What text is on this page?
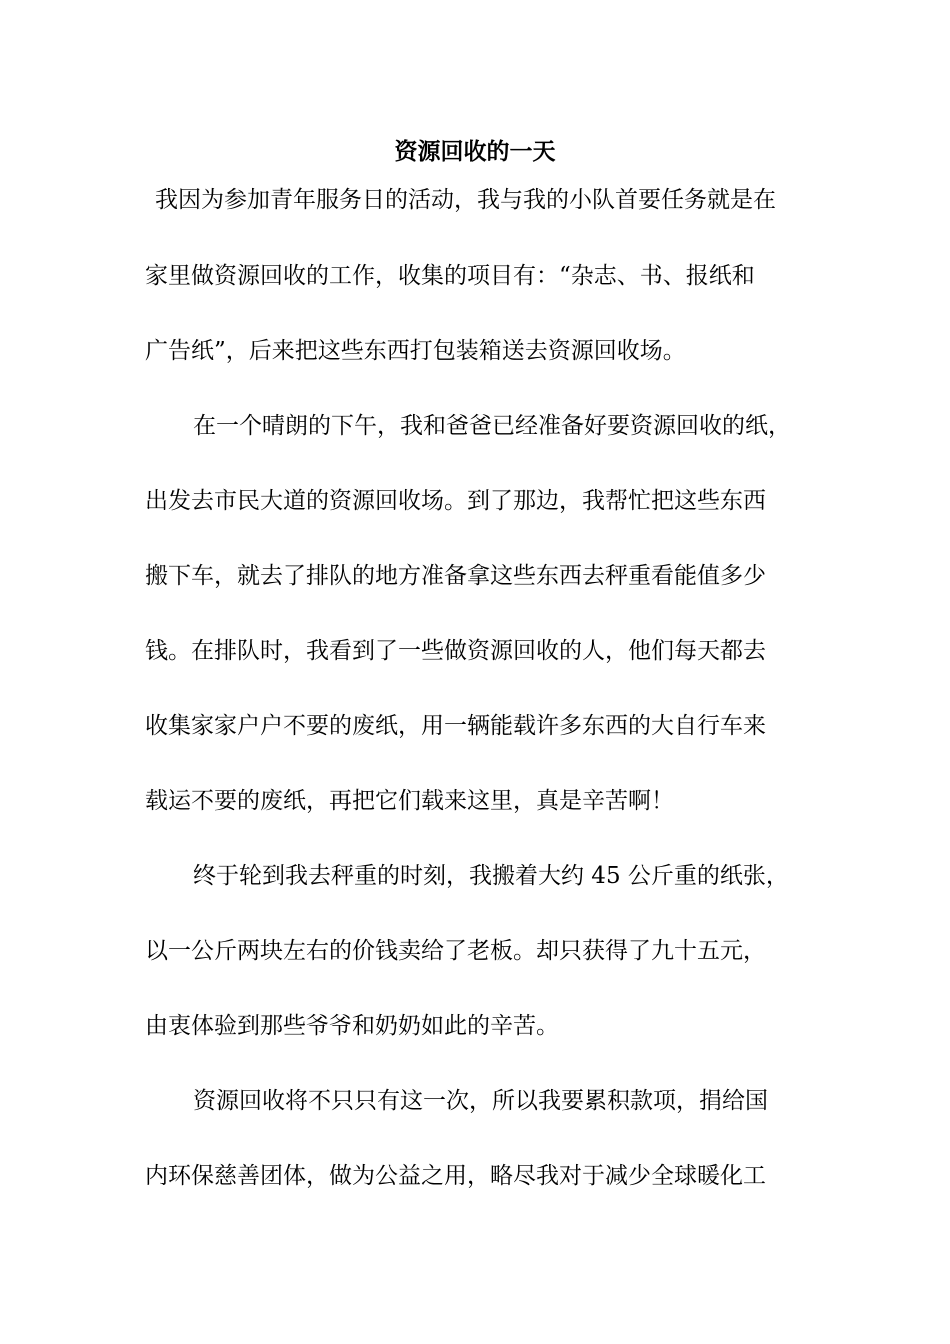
资源回收的一天

我因为参加青年服务日的活动，我与我的小队首要任务就是在

家里做资源回收的工作，收集的项目有：“杂志、书、报纸和

广告纸”，后来把这些东西打包装箱送去资源回收场。

在一个晴朗的下午，我和爸爸已经准备好要资源回收的纸，

出发去市民大道的资源回收场。到了那边，我帮忙把这些东西

搬下车，就去了排队的地方准备拿这些东西去秤重看能值多少

钱。在排队时，我看到了一些做资源回收的人，他们每天都去

收集家家户户不要的废纸，用一辆能载许多东西的大自行车来

载运不要的废纸，再把它们载来这里，真是辛苦啊！

终于轮到我去秤重的时刻，我搬着大约 45 公斤重的纸张，

以一公斤两块左右的价钱卖给了老板。却只获得了九十五元，

由衷体验到那些爷爷和奶奶如此的辛苦。

资源回收将不只只有这一次，所以我要累积款项，捐给国

内环保慈善团体，做为公益之用，略尽我对于减少全球暖化工
